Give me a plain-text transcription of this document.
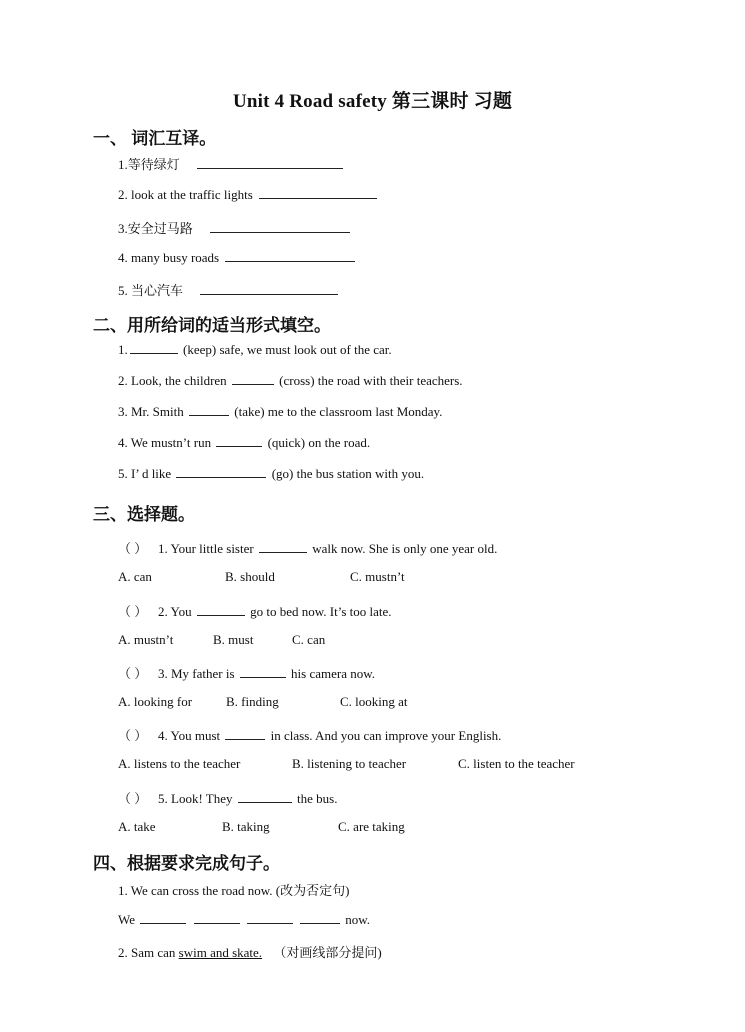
Unit 4 Road safety 第三课时 习题
一、 词汇互译。
1.等待绿灯
2. look at the traffic lights
3.安全过马路
4. many busy roads
5. 当心汽车
二、用所给词的适当形式填空。
1.	(keep) safe, we must look out of the car.
2. Look, the children	(cross) the road with their teachers.
3. Mr. Smith	(take) me to the classroom last Monday.
4. We mustn’t run	(quick) on the road.
5. I’ d like	(go) the bus station with you.
三、选择题。
（ ） 1. Your little sister	walk now. She is only one year old.
A. can	B. should	C. mustn’t
（ ） 2. You	go to bed now. It’s too late.
A. mustn’t	B. must	C. can
（ ） 3. My father is	his camera now.
A. looking for	B. finding	C. looking at
（ ） 4. You must	in class. And you can improve your English.
A. listens to the teacher	B. listening to teacher	C. listen to the teacher
（ ） 5. Look! They	the bus.
A. take	B. taking	C. are taking
四、根据要求完成句子。
1. We can cross the road now. (改为否定句)
We	now.
2. Sam can swim and skate. （对画线部分提问)
